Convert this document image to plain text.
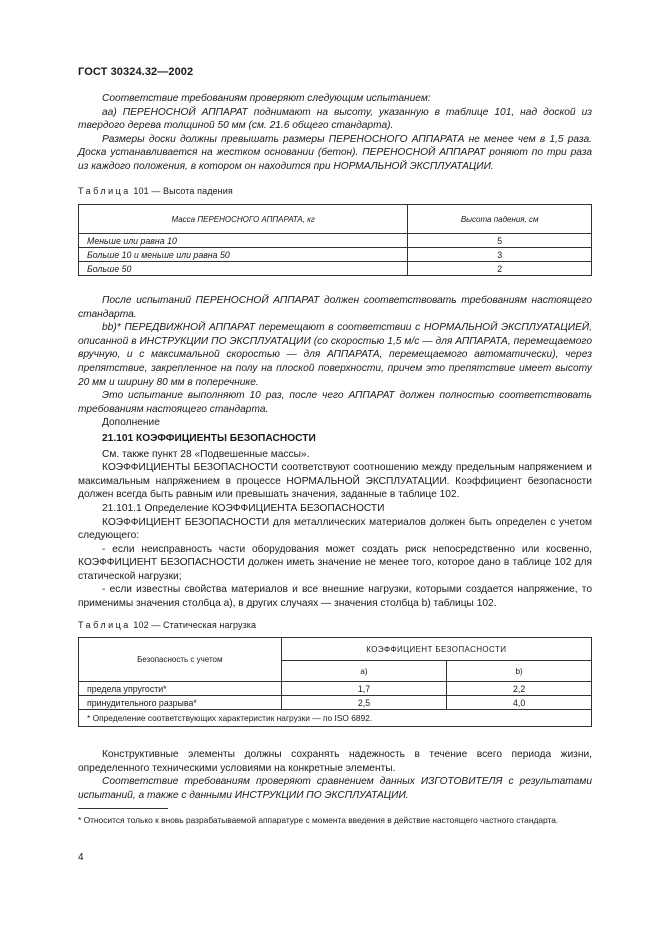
ГОСТ 30324.32—2002

Соответствие требованиям проверяют следующим испытанием:

аа) ПЕРЕНОСНОЙ АППАРАТ поднимают на высоту, указанную в таблице 101, над доской из твердого дерева толщиной 50 мм (см. 21.6 общего стандарта).

Размеры доски должны превышать размеры ПЕРЕНОСНОГО АППАРАТА не менее чем в 1,5 раза. Доска устанавливается на жестком основании (бетон). ПЕРЕНОСНОЙ АППАРАТ роняют по три раза из каждого положения, в котором он находится при НОРМАЛЬНОЙ ЭКСПЛУАТАЦИИ.

Таблица 101 — Высота падения
Масса ПЕРЕНОСНОГО АППАРАТА, кг	Высота падения, см
Меньше или равна 10	5
Больше 10 и меньше или равна 50	3
Больше 50	2

После испытаний ПЕРЕНОСНОЙ АППАРАТ должен соответствовать требованиям настоящего стандарта.

bb)* ПЕРЕДВИЖНОЙ АППАРАТ перемещают в соответствии с НОРМАЛЬНОЙ ЭКСПЛУАТАЦИЕЙ, описанной в ИНСТРУКЦИИ ПО ЭКСПЛУАТАЦИИ (со скоростью 1,5 м/с — для АППАРАТА, перемещаемого вручную, и с максимальной скоростью — для АППАРАТА, перемещаемого автоматически), через препятствие, закрепленное на полу на плоской поверхности, причем это препятствие имеет высоту 20 мм и ширину 80 мм в поперечнике.

Это испытание выполняют 10 раз, после чего АППАРАТ должен полностью соответствовать требованиям настоящего стандарта.

Дополнение

21.101 КОЭФФИЦИЕНТЫ БЕЗОПАСНОСТИ

См. также пункт 28 «Подвешенные массы».

КОЭФФИЦИЕНТЫ БЕЗОПАСНОСТИ соответствуют соотношению между предельным напряжением и максимальным напряжением в процессе НОРМАЛЬНОЙ ЭКСПЛУАТАЦИИ. Коэффициент безопасности должен всегда быть равным или превышать значения, заданные в таблице 102.

21.101.1 Определение КОЭФФИЦИЕНТА БЕЗОПАСНОСТИ

КОЭФФИЦИЕНТ БЕЗОПАСНОСТИ для металлических материалов должен быть определен с учетом следующего:

- если неисправность части оборудования может создать риск непосредственно или косвенно, КОЭФФИЦИЕНТ БЕЗОПАСНОСТИ должен иметь значение не менее того, которое дано в таблице 102 для статической нагрузки;

- если известны свойства материалов и все внешние нагрузки, которыми создается напряжение, то применимы значения столбца а), в других случаях — значения столбца b) таблицы 102.

Таблица 102 — Статическая нагрузка
Безопасность с учетом	КОЭФФИЦИЕНТ БЕЗОПАСНОСТИ	
	a)	b)
предела упругости*	1,7	2,2
принудительного разрыва*	2,5	4,0
* Определение соответствующих характеристик нагрузки — по ISO 6892.		

Конструктивные элементы должны сохранять надежность в течение всего периода жизни, определенного техническими условиями на конкретные элементы.

Соответствие требованиям проверяют сравнением данных ИЗГОТОВИТЕЛЯ с результатами испытаний, а также с данными ИНСТРУКЦИИ ПО ЭКСПЛУАТАЦИИ.

* Относится только к вновь разрабатываемой аппаратуре с момента введения в действие настоящего частного стандарта.
4
